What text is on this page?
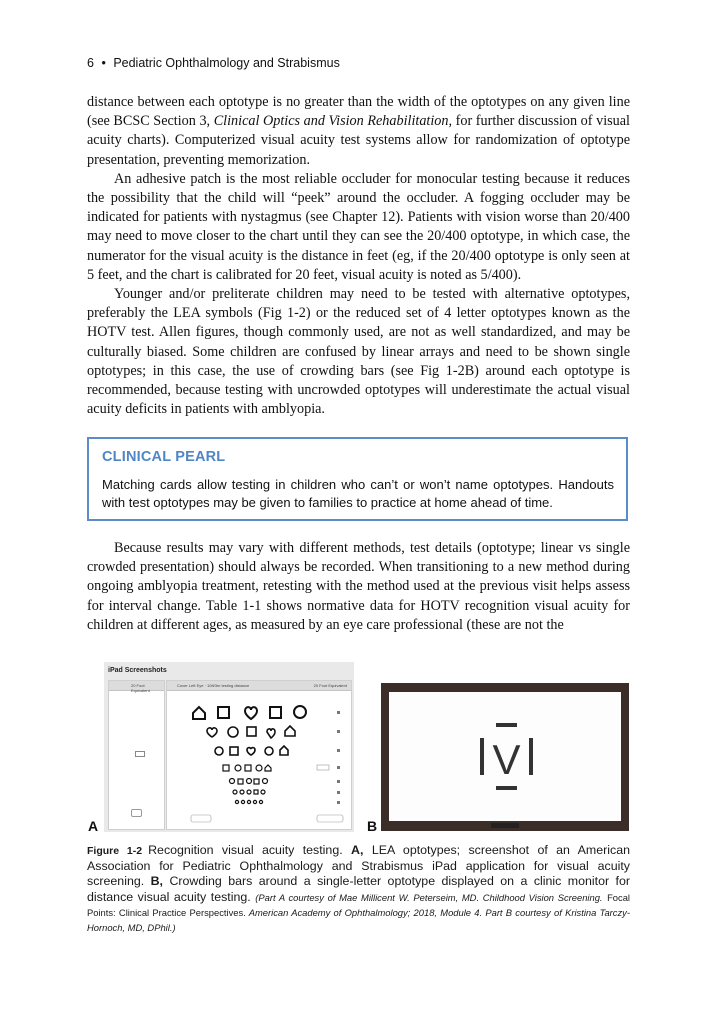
6 • Pediatric Ophthalmology and Strabismus

distance between each optotype is no greater than the width of the optotypes on any given line (see BCSC Section 3, Clinical Optics and Vision Rehabilitation, for further discussion of visual acuity charts). Computerized visual acuity test systems allow for randomization of optotype presentation, preventing memorization.

An adhesive patch is the most reliable occluder for monocular testing because it reduces the possibility that the child will “peek” around the occluder. A fogging occluder may be indicated for patients with nystagmus (see Chapter 12). Patients with vision worse than 20/400 may need to move closer to the chart until they can see the 20/400 optotype, in which case, the numerator for the visual acuity is the distance in feet (eg, if the 20/400 optotype is only seen at 5 feet, and the chart is calibrated for 20 feet, visual acuity is noted as 5/400).

Younger and/or preliterate children may need to be tested with alternative optotypes, preferably the LEA symbols (Fig 1-2) or the reduced set of 4 letter optotypes known as the HOTV test. Allen figures, though commonly used, are not as well standardized, and may be culturally biased. Some children are confused by linear arrays and need to be shown single optotypes; in this case, the use of crowding bars (see Fig 1-2B) around each optotype is recommended, because testing with uncrowded optotypes will underestimate the actual visual acuity deficits in patients with amblyopia.

CLINICAL PEARL
Matching cards allow testing in children who can’t or won’t name optotypes. Handouts with test optotypes may be given to families to practice at home ahead of time.

Because results may vary with different methods, test details (optotype; linear vs single crowded presentation) should always be recorded. When transitioning to a new method during ongoing amblyopia treatment, retesting with the method used at the previous visit helps assess for interval change. Table 1-1 shows normative data for HOTV recognition visual acuity for children at different ages, as measured by an eye care professional (these are not the

iPad Screenshots
20 Foot Equivalent

Cover Left Eye · 10ft/3m testing distance	20 Foot Equivalent
A
V
B
Figure 1-2 Recognition visual acuity testing. A, LEA optotypes; screenshot of an American Association for Pediatric Ophthalmology and Strabismus iPad application for visual acuity screening. B, Crowding bars around a single-letter optotype displayed on a clinic monitor for distance visual acuity testing. (Part A courtesy of Mae Millicent W. Peterseim, MD. Childhood Vision Screening. Focal Points: Clinical Practice Perspectives. American Academy of Ophthalmology; 2018, Module 4. Part B courtesy of Kristina Tarczy-Hornoch, MD, DPhil.)
